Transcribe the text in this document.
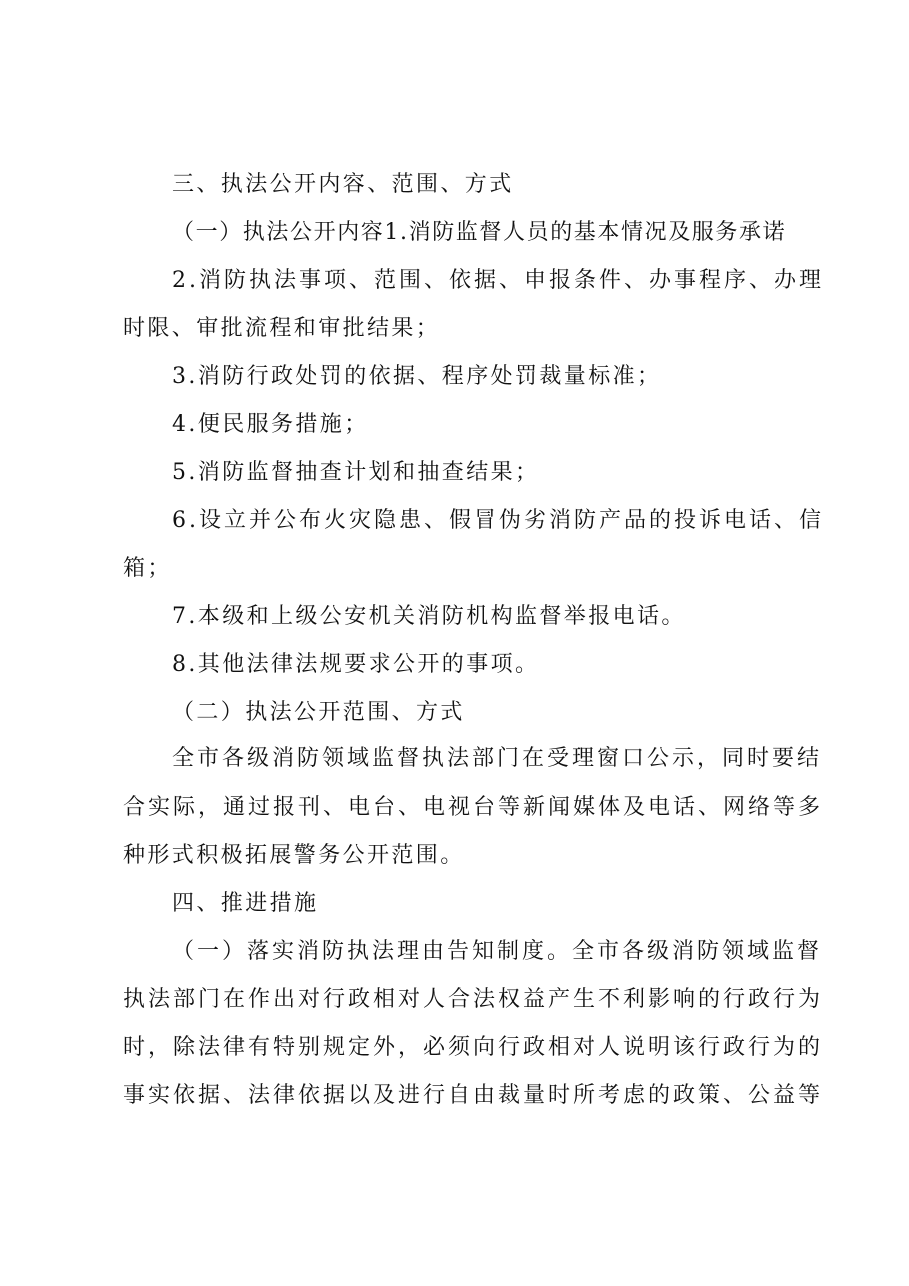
三、执法公开内容、范围、方式
（一）执法公开内容1.消防监督人员的基本情况及服务承诺
2.消防执法事项、范围、依据、申报条件、办事程序、办理
时限、审批流程和审批结果；
3.消防行政处罚的依据、程序处罚裁量标准；
4.便民服务措施；
5.消防监督抽查计划和抽查结果；
6.设立并公布火灾隐患、假冒伪劣消防产品的投诉电话、信
箱；
7.本级和上级公安机关消防机构监督举报电话。
8.其他法律法规要求公开的事项。
（二）执法公开范围、方式
全市各级消防领域监督执法部门在受理窗口公示，同时要结
合实际，通过报刊、电台、电视台等新闻媒体及电话、网络等多
种形式积极拓展警务公开范围。
四、推进措施
（一）落实消防执法理由告知制度。全市各级消防领域监督
执法部门在作出对行政相对人合法权益产生不利影响的行政行为
时，除法律有特别规定外，必须向行政相对人说明该行政行为的
事实依据、法律依据以及进行自由裁量时所考虑的政策、公益等
